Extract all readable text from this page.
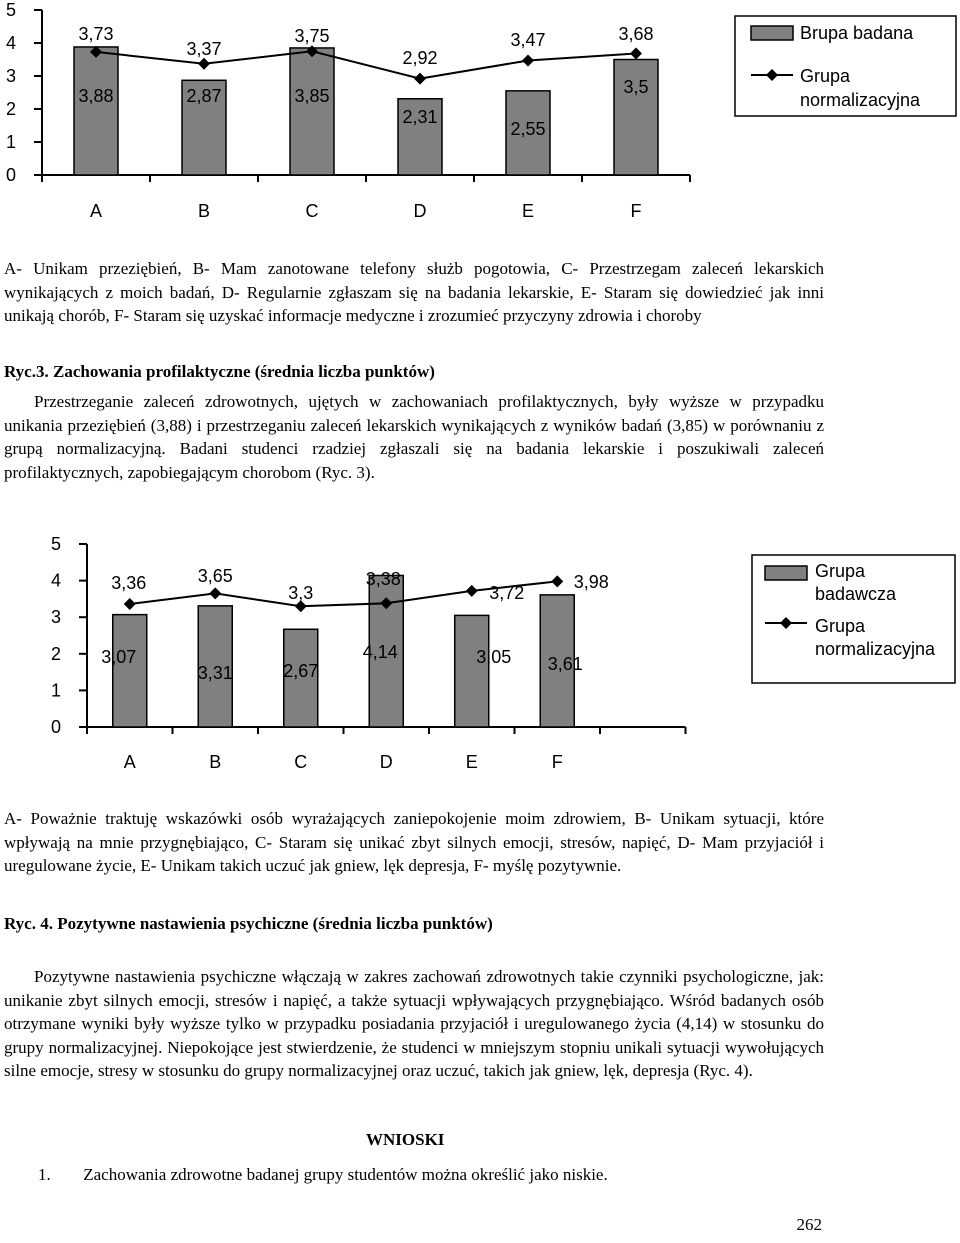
0
1
2
3
4
5
A	B	C	D	E	F
3,88	2,87	3,85
2,31
2,55
3,5
3,73
3,37
3,75
2,92
3,47	3,68	Brupa badana
Grupa
normalizacyjna
A- Unikam przeziębień, B- Mam zanotowane telefony służb pogotowia, C- Przestrzegam zaleceń lekarskich wynikających z moich badań, D- Regularnie zgłaszam się na badania lekarskie, E- Staram się dowiedzieć jak inni unikają chorób, F- Staram się uzyskać informacje medyczne i zrozumieć przyczyny zdrowia i choroby
Ryc.3. Zachowania profilaktyczne (średnia liczba punktów)
Przestrzeganie zaleceń zdrowotnych, ujętych w zachowaniach profilaktycznych, były wyższe w przypadku unikania przeziębień (3,88) i przestrzeganiu zaleceń lekarskich wynikających z wyników badań (3,85) w porównaniu z grupą normalizacyjną. Badani studenci rzadziej zgłaszali się na badania lekarskie i poszukiwali zaleceń profilaktycznych, zapobiegającym chorobom (Ryc. 3).
0
1
2
3
4
5
A	B	C	D	E	F
3,07
3,31	2,67
4,14	3,05 3,61
3,36	3,65
3,3
3,38
3,72
3,98
Grupa
badawcza
Grupa
normalizacyjna
A- Poważnie traktuję wskazówki osób wyrażających zaniepokojenie moim zdrowiem, B- Unikam sytuacji, które wpływają na mnie przygnębiająco, C- Staram się unikać zbyt silnych emocji, stresów, napięć, D- Mam przyjaciół i uregulowane życie, E- Unikam takich uczuć jak gniew, lęk depresja, F- myślę pozytywnie.
Ryc. 4. Pozytywne nastawienia psychiczne (średnia liczba punktów)
Pozytywne nastawienia psychiczne włączają w zakres zachowań zdrowotnych takie czynniki psychologiczne, jak: unikanie zbyt silnych emocji, stresów i napięć, a także sytuacji wpływających przygnębiająco. Wśród badanych osób otrzymane wyniki były wyższe tylko w przypadku posiadania przyjaciół i uregulowanego życia (4,14) w stosunku do grupy normalizacyjnej. Niepokojące jest stwierdzenie, że studenci w mniejszym stopniu unikali sytuacji wywołujących silne emocje, stresy w stosunku do grupy normalizacyjnej oraz uczuć, takich jak gniew, lęk, depresja (Ryc. 4).
WNIOSKI
1. Zachowania zdrowotne badanej grupy studentów można określić jako niskie.
262
